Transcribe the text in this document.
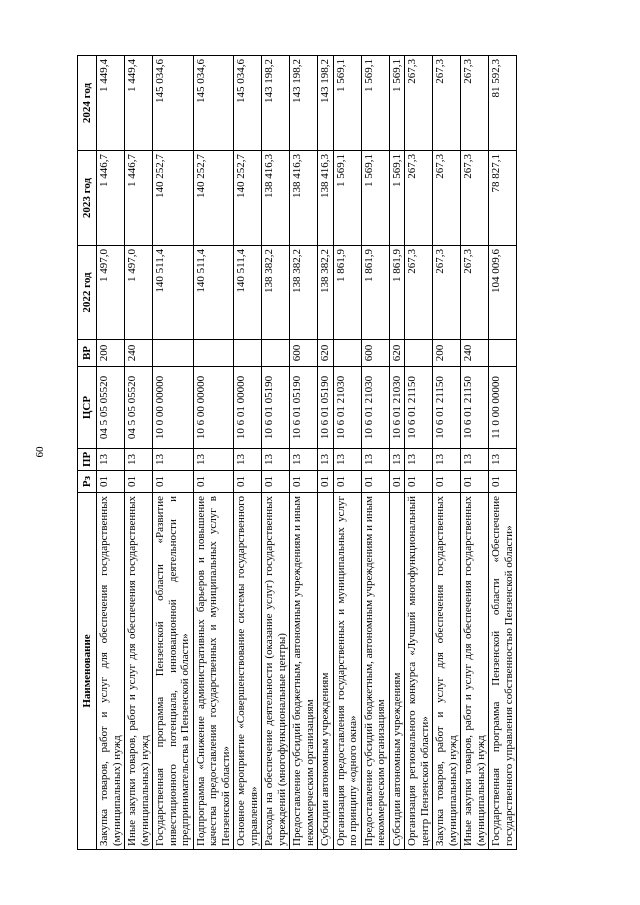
60
Наименование	Рз	ПР	ЦСР	ВР	2022 год	2023 год	2024 год
Закупка товаров, работ и услуг для обеспечения государственных (муниципальных) нужд	01	13	04 5 05 05520	200	1 497,0	1 446,7	1 449,4
Иные закупки товаров, работ и услуг для обеспечения государственных (муниципальных) нужд	01	13	04 5 05 05520	240	1 497,0	1 446,7	1 449,4
Государственная программа Пензенской области «Развитие инвестиционного потенциала, инновационной деятельности и предпринимательства в Пензенской области»	01	13	10 0 00 00000		140 511,4	140 252,7	145 034,6
Подпрограмма «Снижение административных барьеров и повышение качества предоставления государственных и муниципальных услуг в Пензенской области»	01	13	10 6 00 00000		140 511,4	140 252,7	145 034,6
Основное мероприятие «Совершенствование системы государственного управления»	01	13	10 6 01 00000		140 511,4	140 252,7	145 034,6
Расходы на обеспечение деятельности (оказание услуг) государственных учреждений (многофункциональные центры)	01	13	10 6 01 05190		138 382,2	138 416,3	143 198,2
Предоставление субсидий бюджетным, автономным учреждениям и иным некоммерческим организациям	01	13	10 6 01 05190	600	138 382,2	138 416,3	143 198,2
Субсидии автономным учреждениям	01	13	10 6 01 05190	620	138 382,2	138 416,3	143 198,2
Организация предоставления государственных и муниципальных услуг по принципу «одного окна»	01	13	10 6 01 21030		1 861,9	1 569,1	1 569,1
Предоставление субсидий бюджетным, автономным учреждениям и иным некоммерческим организациям	01	13	10 6 01 21030	600	1 861,9	1 569,1	1 569,1
Субсидии автономным учреждениям	01	13	10 6 01 21030	620	1 861,9	1 569,1	1 569,1
Организация регионального конкурса «Лучший многофункциональный центр Пензенской области»	01	13	10 6 01 21150		267,3	267,3	267,3
Закупка товаров, работ и услуг для обеспечения государственных (муниципальных) нужд	01	13	10 6 01 21150	200	267,3	267,3	267,3
Иные закупки товаров, работ и услуг для обеспечения государственных (муниципальных) нужд	01	13	10 6 01 21150	240	267,3	267,3	267,3
Государственная программа Пензенской области «Обеспечение государственного управления собственностью Пензенской области»	01	13	11 0 00 00000		104 009,6	78 827,1	81 592,3
